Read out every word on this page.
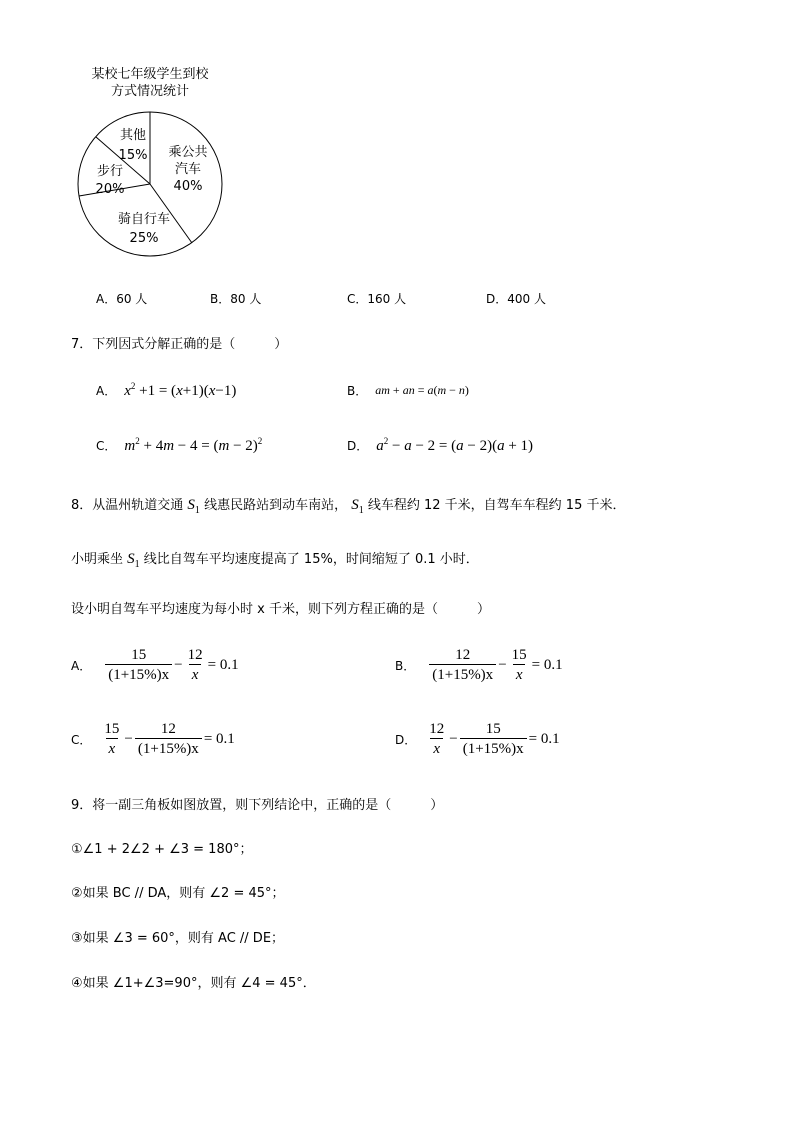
某校七年级学生到校
方式情况统计
其他
15%	乘公共
汽车
40%
步行
20%
骑自行车
25%
A．60 人	B．80 人	C．160 人	D．400 人
7．下列因式分解正确的是（　　　）
A． $x^2 +1 = (x+1)(x-1)$	B． am + an = a(m − n)
C． $m^2 + 4m - 4 = (m - 2)^2$	D． $a^2 - a - 2 = (a - 2)(a + 1)$
8．从温州轨道交通 $S_1$ 线惠民路站到动车南站， $S_1$ 线车程约 12 千米，自驾车车程约 15 千米．
小明乘坐 $S_1$ 线比自驾车平均速度提高了 15%，时间缩短了 0.1 小时．
设小明自驾车平均速度为每小时 x 千米，则下列方程正确的是（　　　）
A． $\frac{15}{(1+15\%)x} - \frac{12}{x} = 0.1$	B． $\frac{12}{(1+15\%)x} - \frac{15}{x} = 0.1$
C． $\frac{15}{x} - \frac{12}{(1+15\%)x} = 0.1$	D． $\frac{12}{x} - \frac{15}{(1+15\%)x} = 0.1$
9．将一副三角板如图放置，则下列结论中，正确的是（　　　）
①∠1 + 2∠2 + ∠3 = 180°；
②如果 BC // DA，则有 ∠2 = 45°；
③如果 ∠3 = 60°，则有 AC // DE；
④如果 ∠1+∠3=90°，则有 ∠4 = 45°．
